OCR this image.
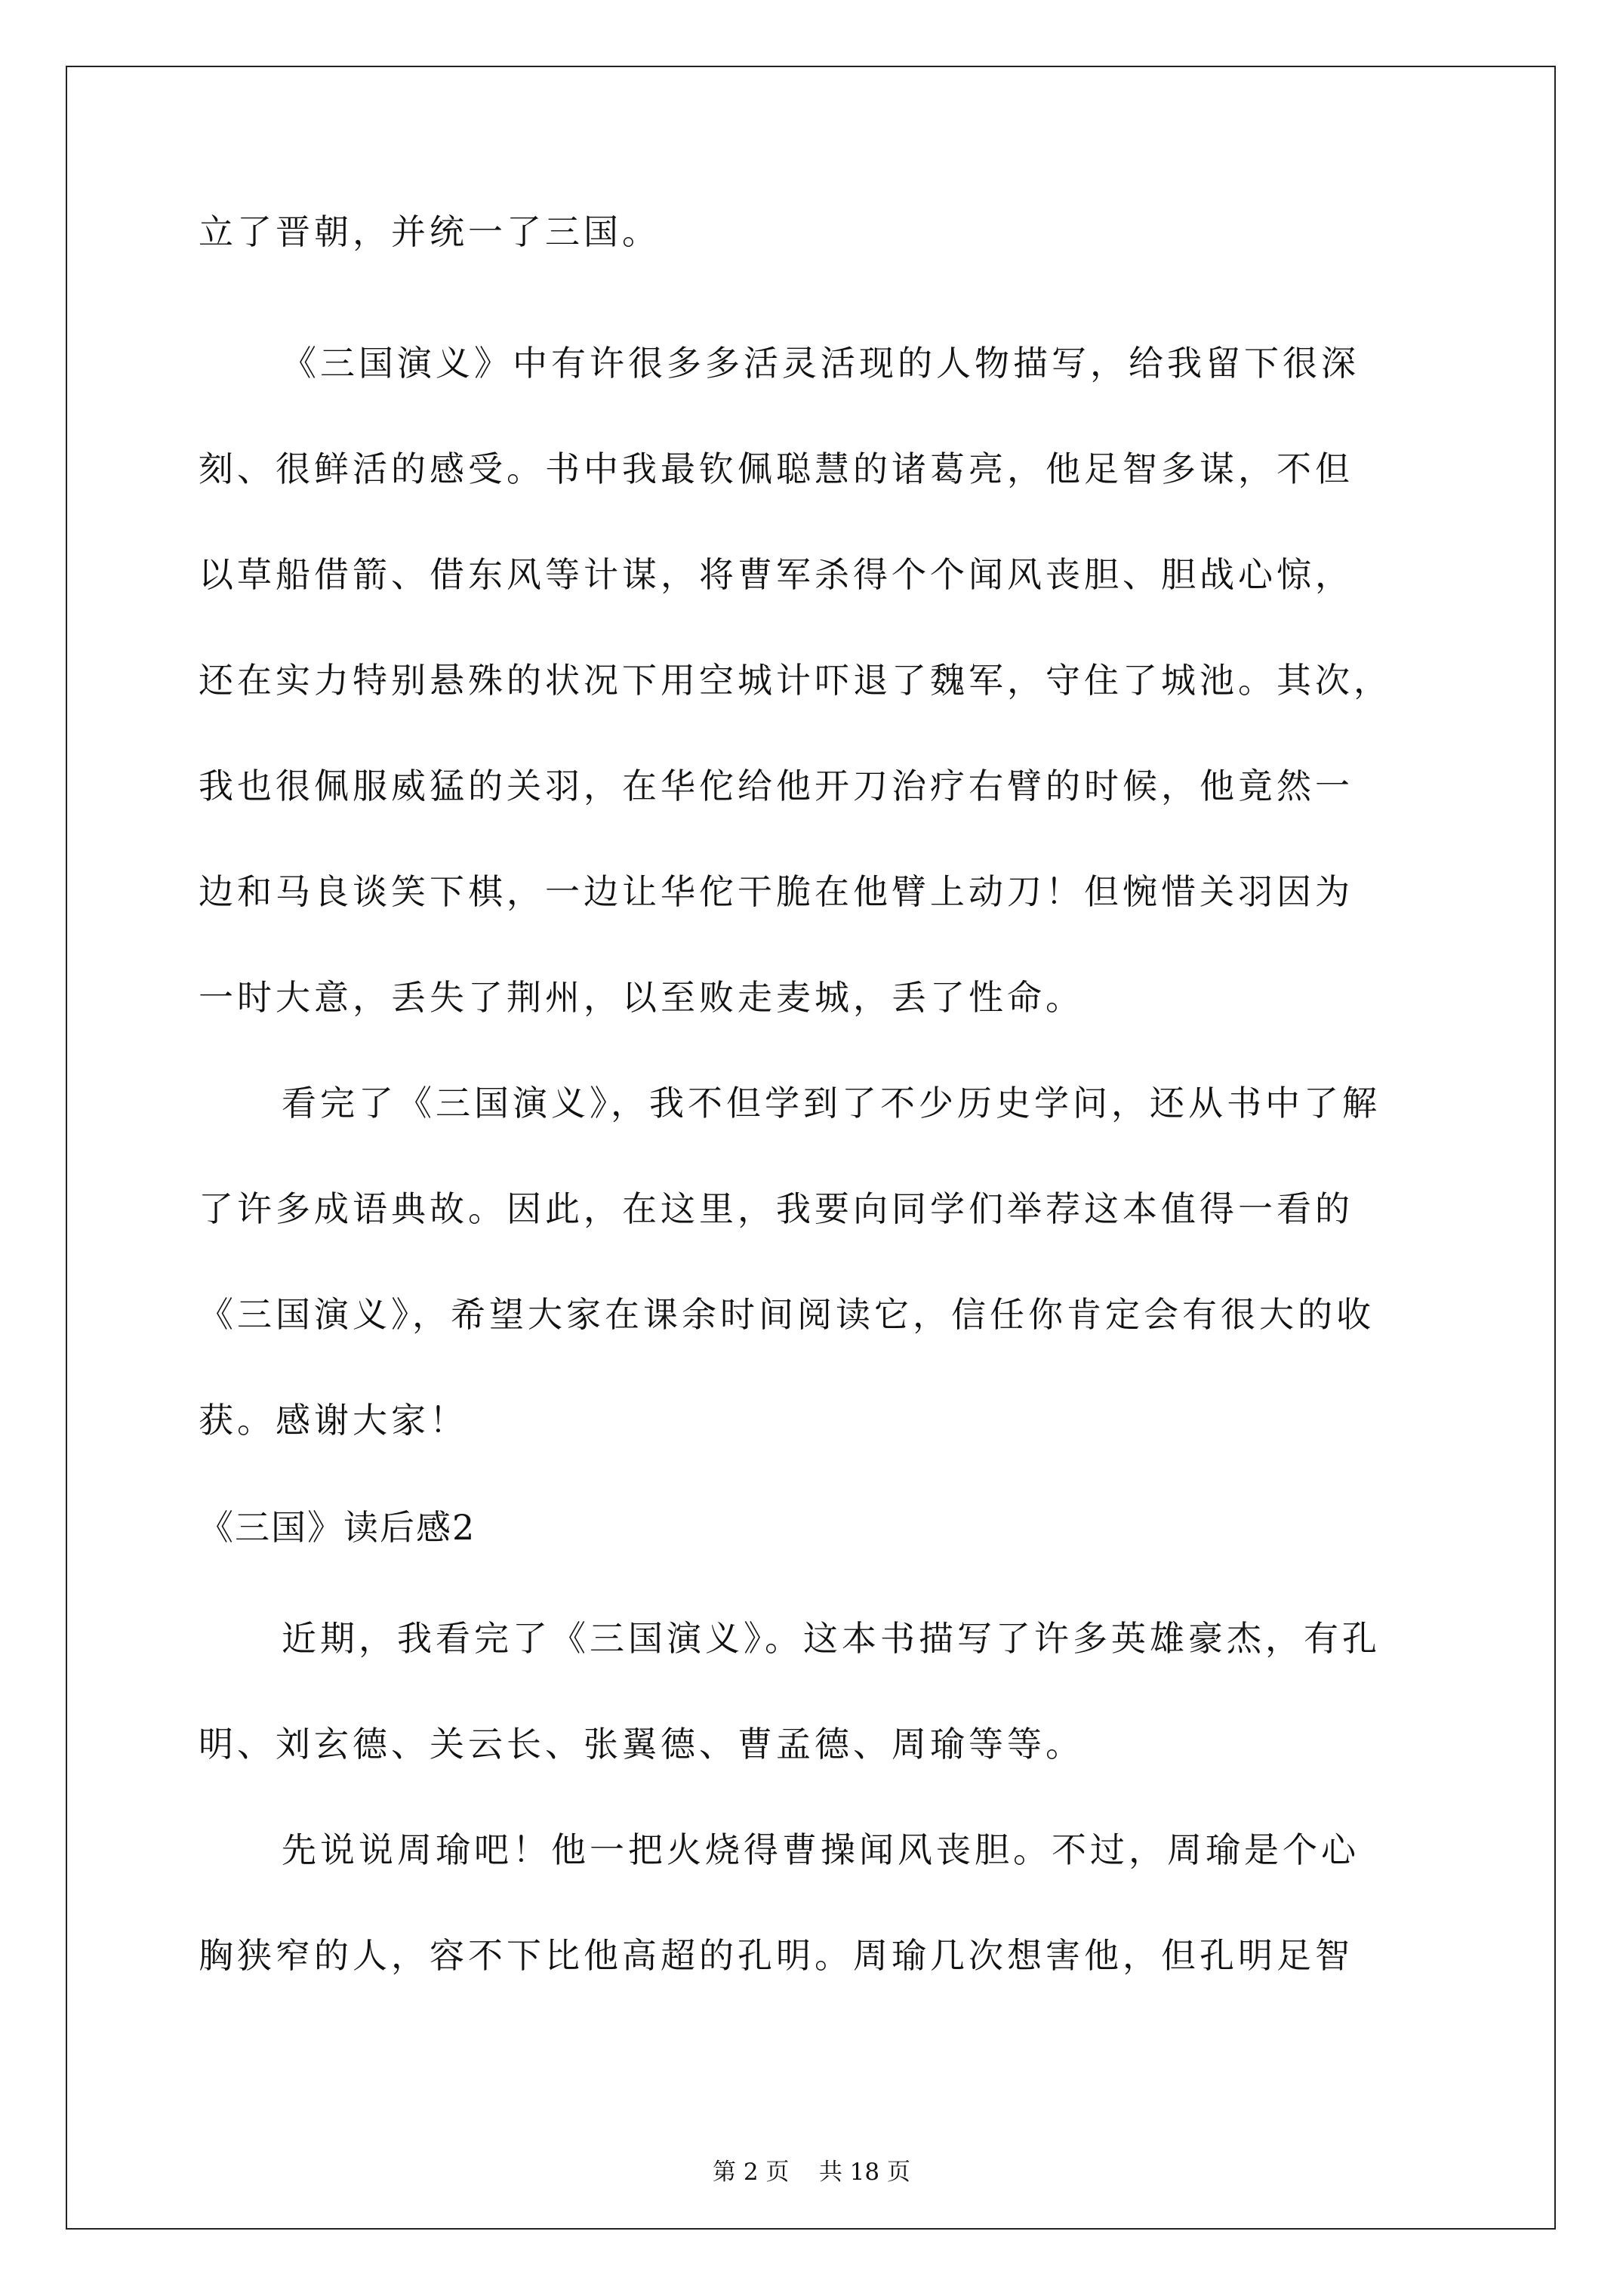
立了晋朝，并统一了三国。
《三国演义》中有许很多多活灵活现的人物描写，给我留下很深
刻、很鲜活的感受。书中我最钦佩聪慧的诸葛亮，他足智多谋，不但
以草船借箭、借东风等计谋，将曹军杀得个个闻风丧胆、胆战心惊，
还在实力特别悬殊的状况下用空城计吓退了魏军，守住了城池。其次，
我也很佩服威猛的关羽，在华佗给他开刀治疗右臂的时候，他竟然一
边和马良谈笑下棋，一边让华佗干脆在他臂上动刀！但惋惜关羽因为
一时大意，丢失了荆州，以至败走麦城，丢了性命。
看完了《三国演义》，我不但学到了不少历史学问，还从书中了解
了许多成语典故。因此，在这里，我要向同学们举荐这本值得一看的
《三国演义》，希望大家在课余时间阅读它，信任你肯定会有很大的收
获。感谢大家！
《三国》读后感2
近期，我看完了《三国演义》。这本书描写了许多英雄豪杰，有孔
明、刘玄德、关云长、张翼德、曹孟德、周瑜等等。
先说说周瑜吧！他一把火烧得曹操闻风丧胆。不过，周瑜是个心
胸狭窄的人，容不下比他高超的孔明。周瑜几次想害他，但孔明足智
第 2 页    共 18 页
